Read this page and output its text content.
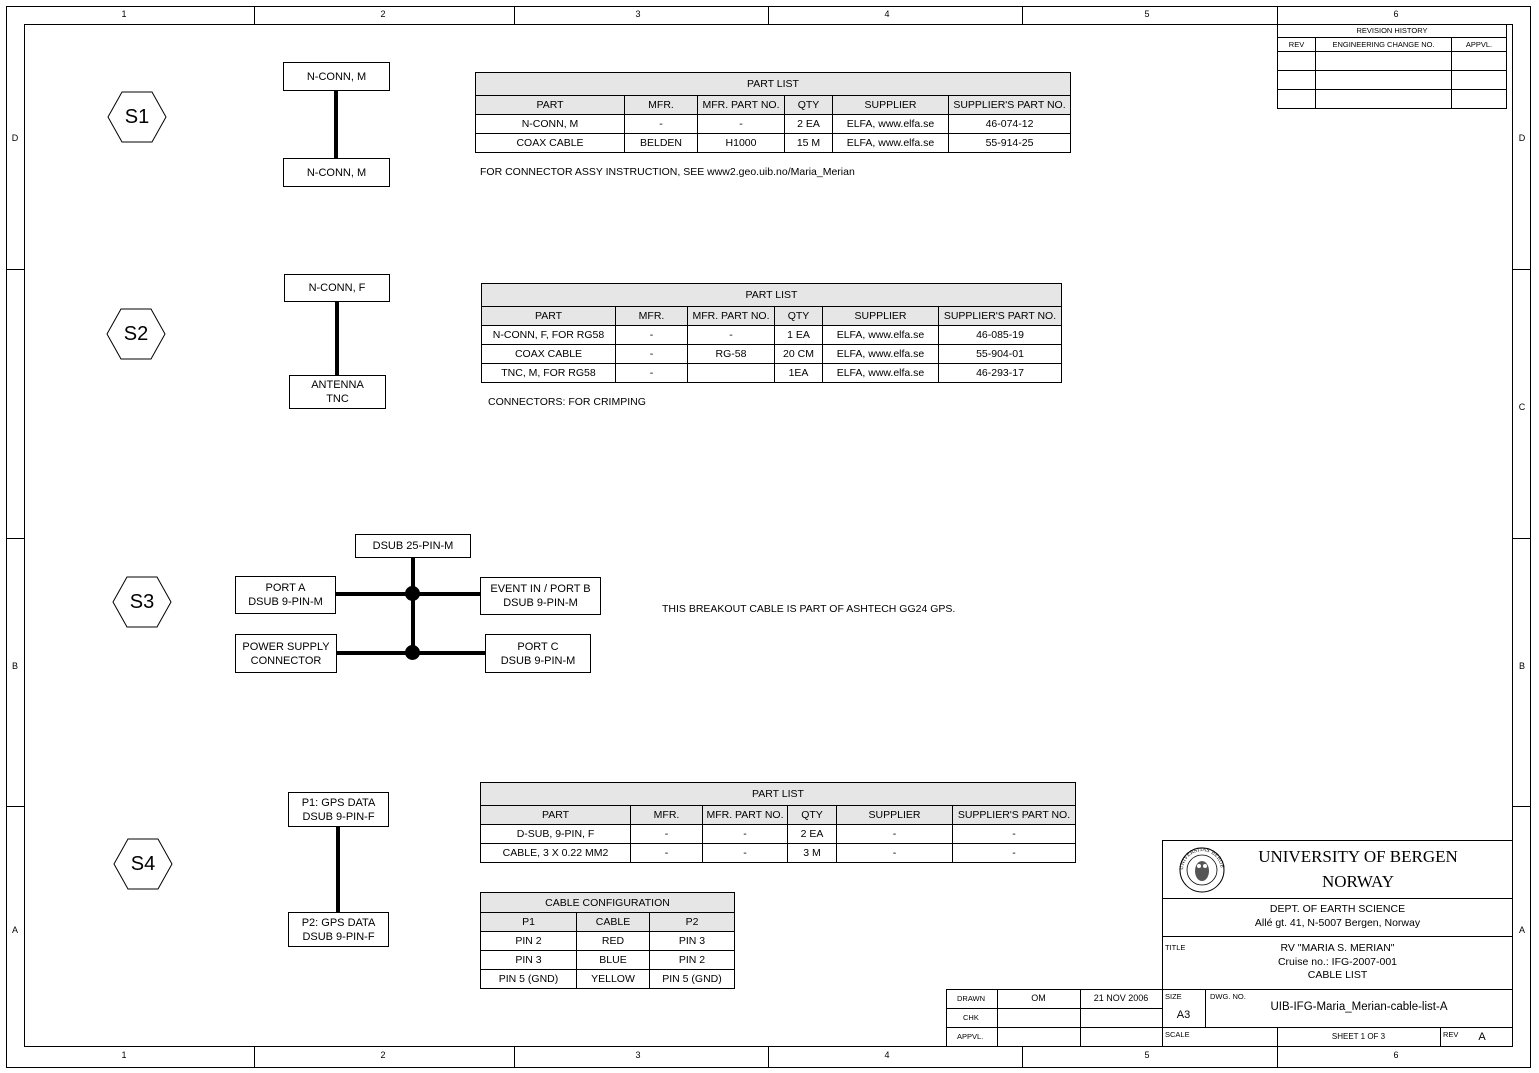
1	2	3	4	5	6
1	2	3	4	5	6
D
B
A
D
C
B
A
REVISION HISTORY		
REV	ENGINEERING CHANGE NO.	APPVL.

S1
N-CONN, M
N-CONN, M
PART LIST					
PART	MFR.	MFR. PART NO.	QTY	SUPPLIER	SUPPLIER'S PART NO.
N-CONN, M	-	-	2 EA	ELFA, www.elfa.se	46-074-12
COAX CABLE	BELDEN	H1000	15 M	ELFA, www.elfa.se	55-914-25
FOR CONNECTOR ASSY INSTRUCTION, SEE www2.geo.uib.no/Maria_Merian
S2
N-CONN, F
ANTENNA
TNC
PART LIST					
PART	MFR.	MFR. PART NO.	QTY	SUPPLIER	SUPPLIER'S PART NO.
N-CONN, F, FOR RG58	-	-	1 EA	ELFA, www.elfa.se	46-085-19
COAX CABLE	-	RG-58	20 CM	ELFA, www.elfa.se	55-904-01
TNC, M, FOR RG58	-		1EA	ELFA, www.elfa.se	46-293-17
CONNECTORS: FOR CRIMPING
S3
DSUB 25-PIN-M
PORT A
DSUB 9-PIN-M
EVENT IN / PORT B
DSUB 9-PIN-M
POWER SUPPLY
CONNECTOR
PORT C
DSUB 9-PIN-M
THIS BREAKOUT CABLE IS PART OF ASHTECH GG24 GPS.
S4
P1: GPS DATA
DSUB 9-PIN-F
P2: GPS DATA
DSUB 9-PIN-F
PART LIST					
PART	MFR.	MFR. PART NO.	QTY	SUPPLIER	SUPPLIER'S PART NO.
D-SUB, 9-PIN, F	-	-	2 EA	-	-
CABLE, 3 X 0.22 MM2	-	-	3 M	-	-
CABLE CONFIGURATION		
P1	CABLE	P2
PIN 2	RED	PIN 3
PIN 3	BLUE	PIN 2
PIN 5 (GND)	YELLOW	PIN 5 (GND)
UNIVERSITAS BERGE
UNIVERSITY OF BERGEN
NORWAY
DEPT. OF EARTH SCIENCE
Allé gt. 41, N-5007 Bergen, Norway
TITLE	RV "MARIA S. MERIAN"
Cruise no.: IFG-2007-001
CABLE LIST
DRAWN	OM	21 NOV 2006
CHK
APPVL.
SIZE
A3
DWG. NO.
UIB-IFG-Maria_Merian-cable-list-A
SCALE	SHEET 1 OF 3	REV	A
